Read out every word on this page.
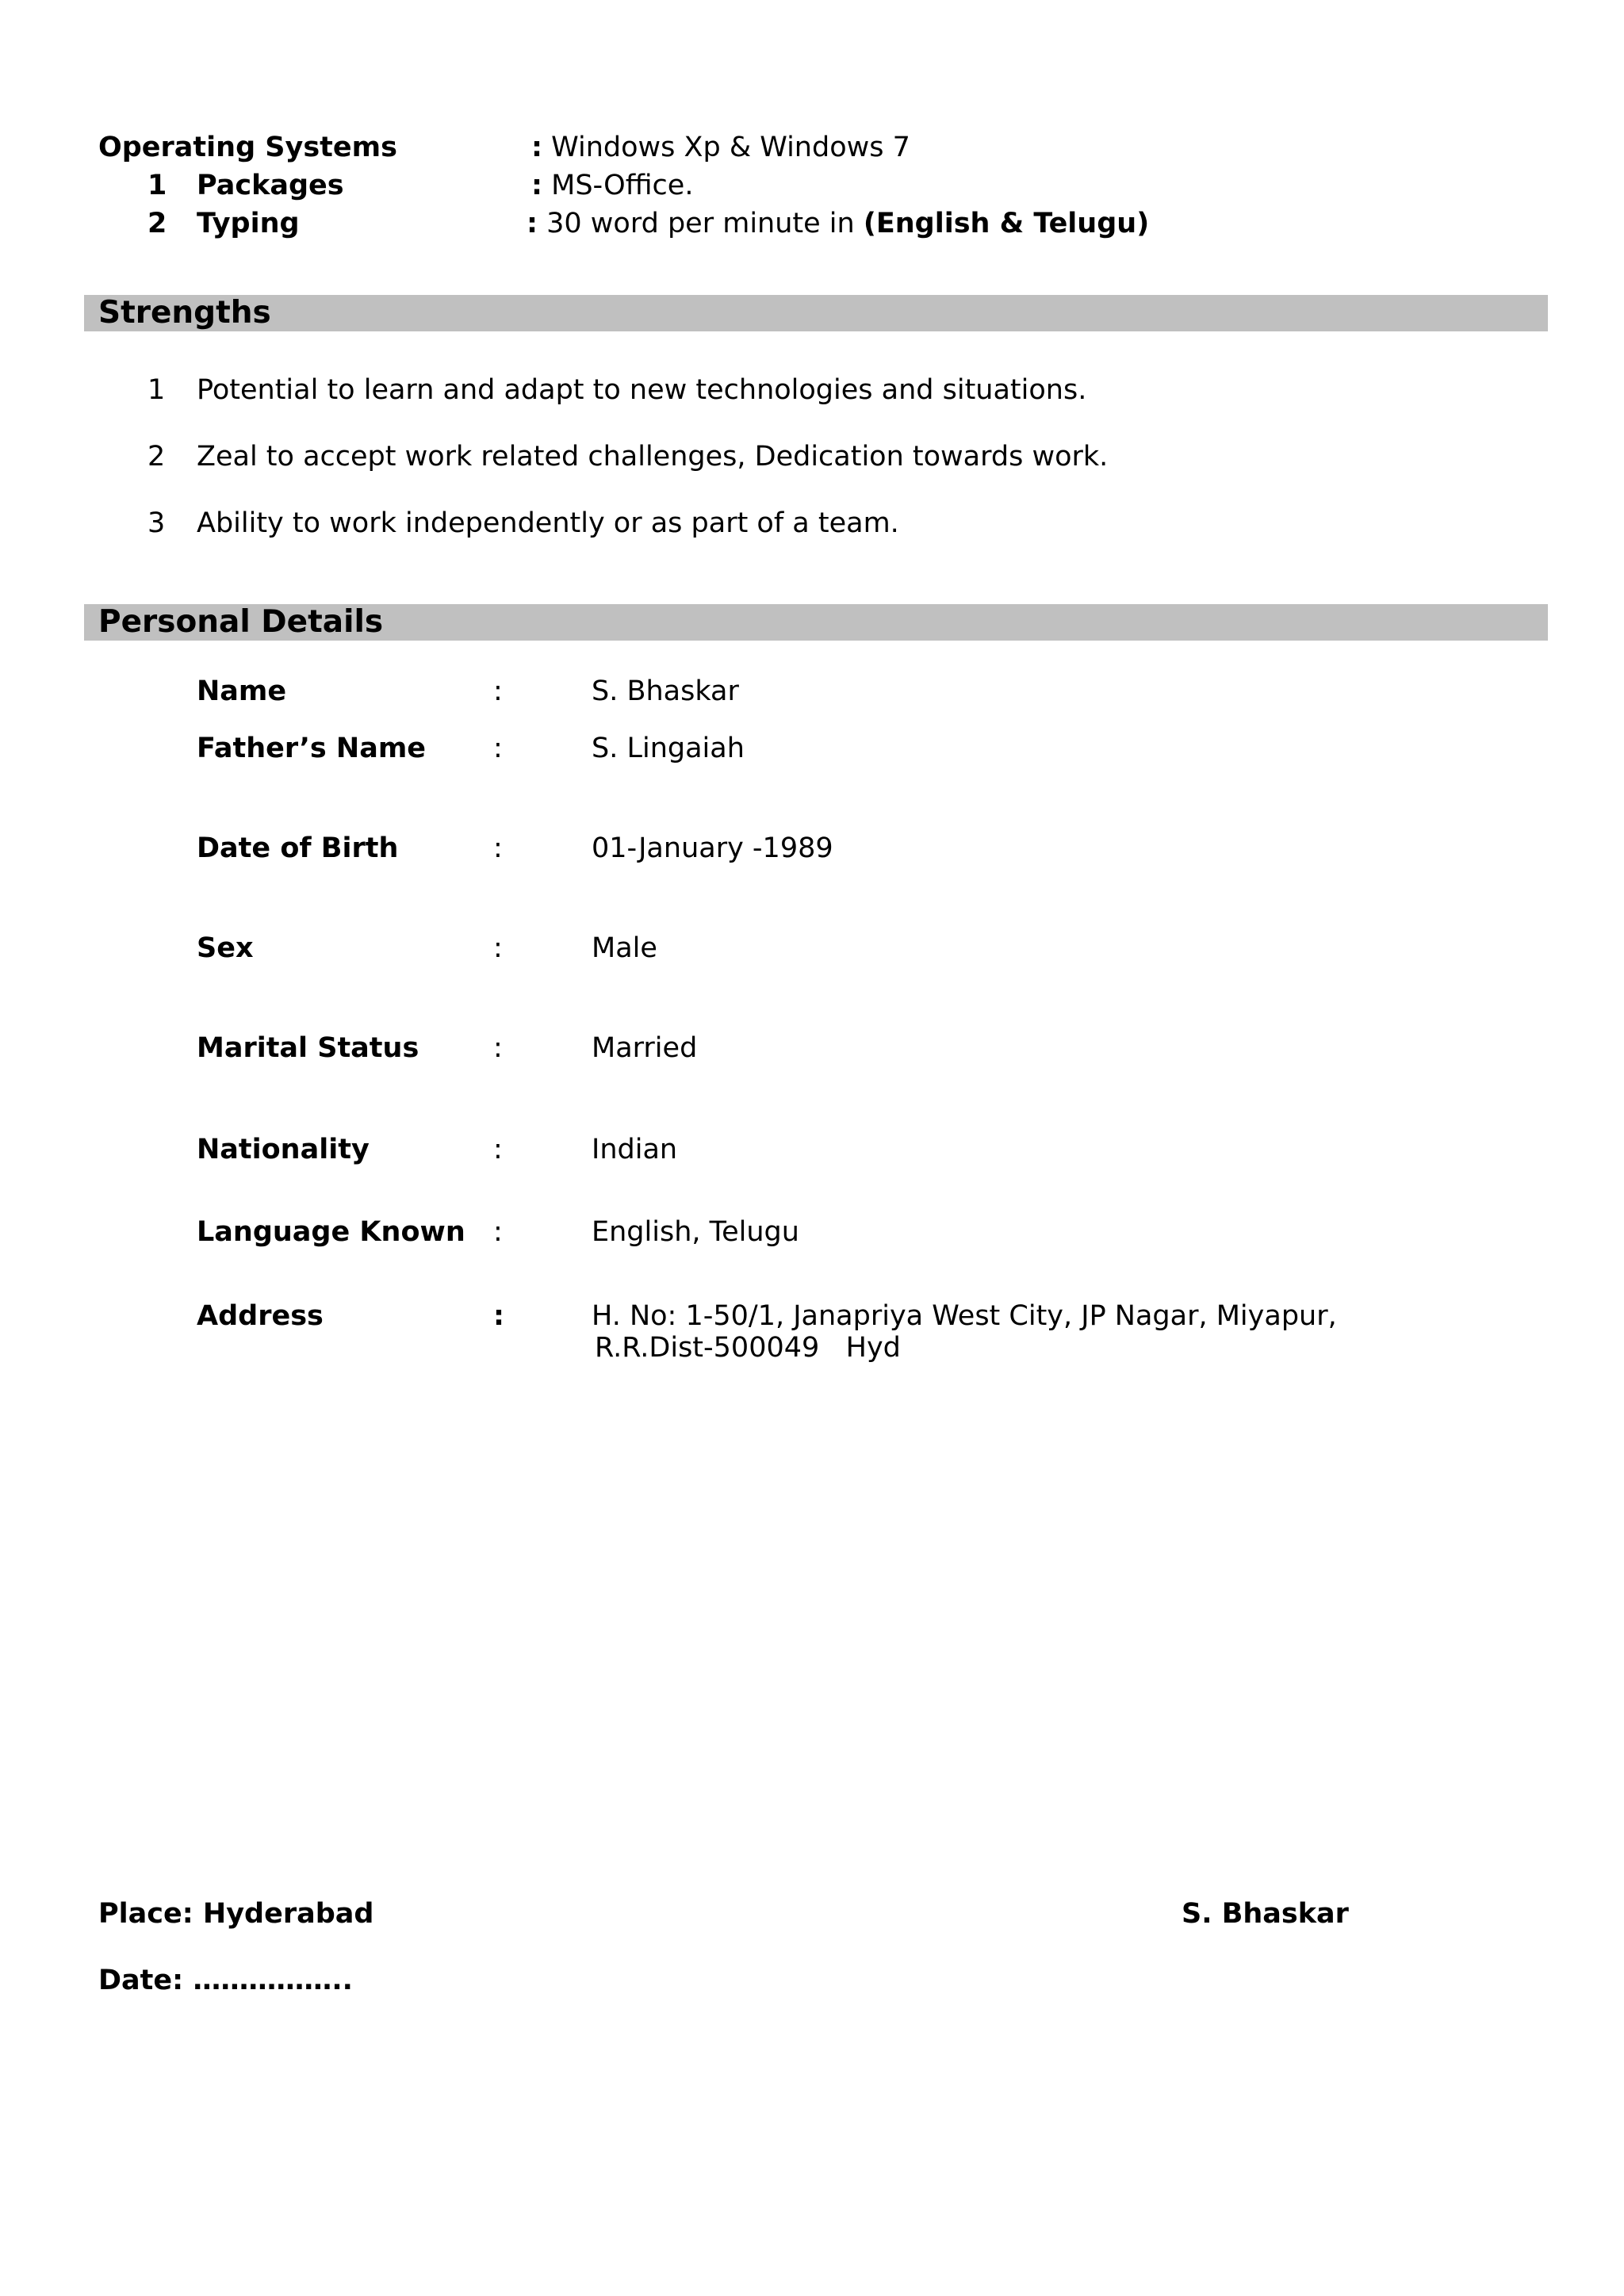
Operating Systems	: Windows Xp & Windows 7
1 Packages	: MS-Office.
2 Typing	: 30 word per minute in (English & Telugu)
Strengths
1 Potential to learn and adapt to new technologies and situations.
2 Zeal to accept work related challenges, Dedication towards work.
3 Ability to work independently or as part of a team.
Personal Details
Name	:	S. Bhaskar
Father’s Name :	S. Lingaiah
Date of Birth	:	01-January -1989
Sex	:	Male
Marital Status	:	Married
Nationality	:	Indian
Language Known :	English, Telugu
Address	:	H. No: 1-50/1, Janapriya West City, JP Nagar, Miyapur,
R.R.Dist-500049   Hyd
Place: Hyderabad	S. Bhaskar
Date: ……………..
